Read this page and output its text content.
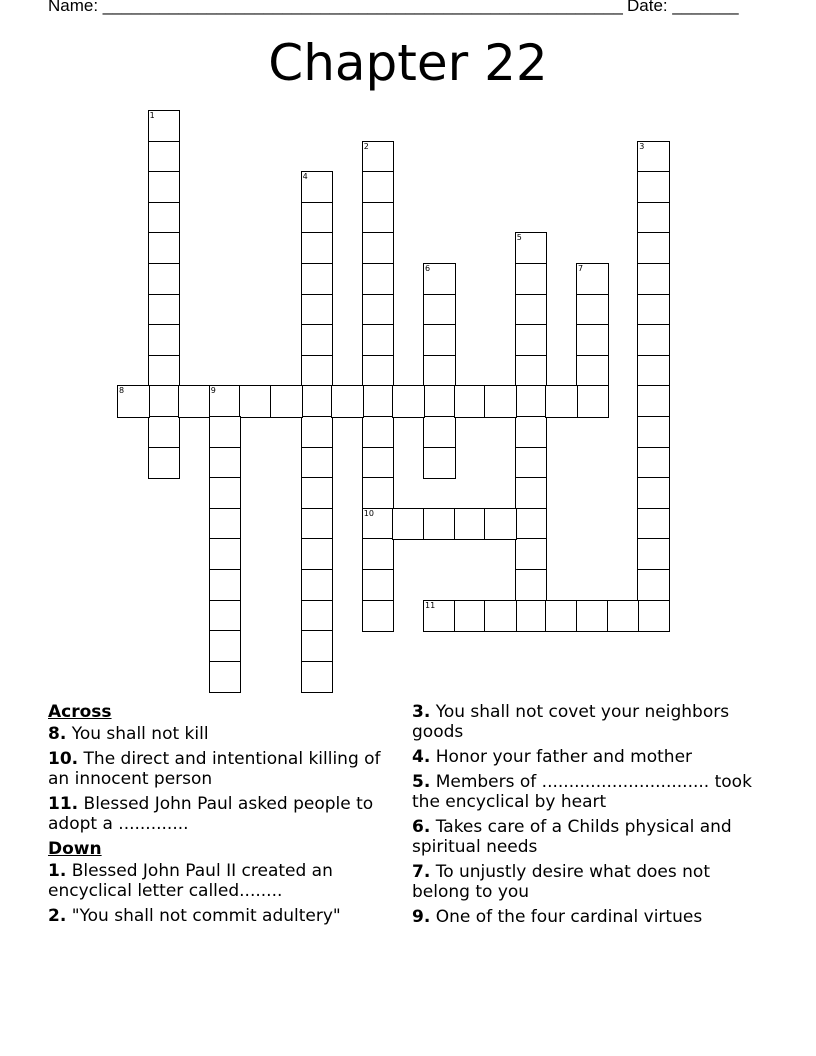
Name: _______________________________________________________ Date: _______
Chapter 22
1
2
10
3
4
5
6	7
8	9
11
Across
8. You shall not kill
10. The direct and intentional killing of an innocent person
11. Blessed John Paul asked people to adopt a .............
Down
1. Blessed John Paul II created an encyclical letter called........
2. "You shall not commit adultery"
3. You shall not covet your neighbors goods
4. Honor your father and mother
5. Members of ............................... took the encyclical by heart
6. Takes care of a Childs physical and spiritual needs
7. To unjustly desire what does not belong to you
9. One of the four cardinal virtues
